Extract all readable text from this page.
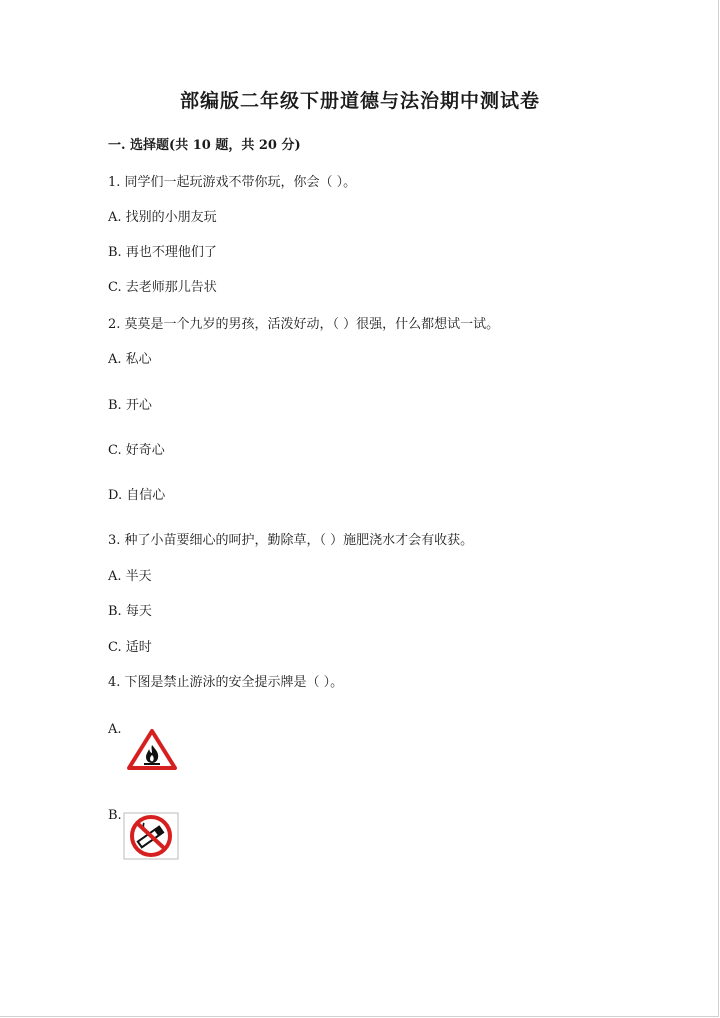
部编版二年级下册道德与法治期中测试卷
一. 选择题(共 10 题，共 20 分)
1. 同学们一起玩游戏不带你玩，你会（ ）。
A. 找别的小朋友玩
B. 再也不理他们了
C. 去老师那儿告状
2. 莫莫是一个九岁的男孩，活泼好动，（ ）很强，什么都想试一试。
A. 私心
B. 开心
C. 好奇心
D. 自信心
3. 种了小苗要细心的呵护，勤除草，（ ）施肥浇水才会有收获。
A. 半天
B. 每天
C. 适时
4. 下图是禁止游泳的安全提示牌是（ ）。
A.
B.
